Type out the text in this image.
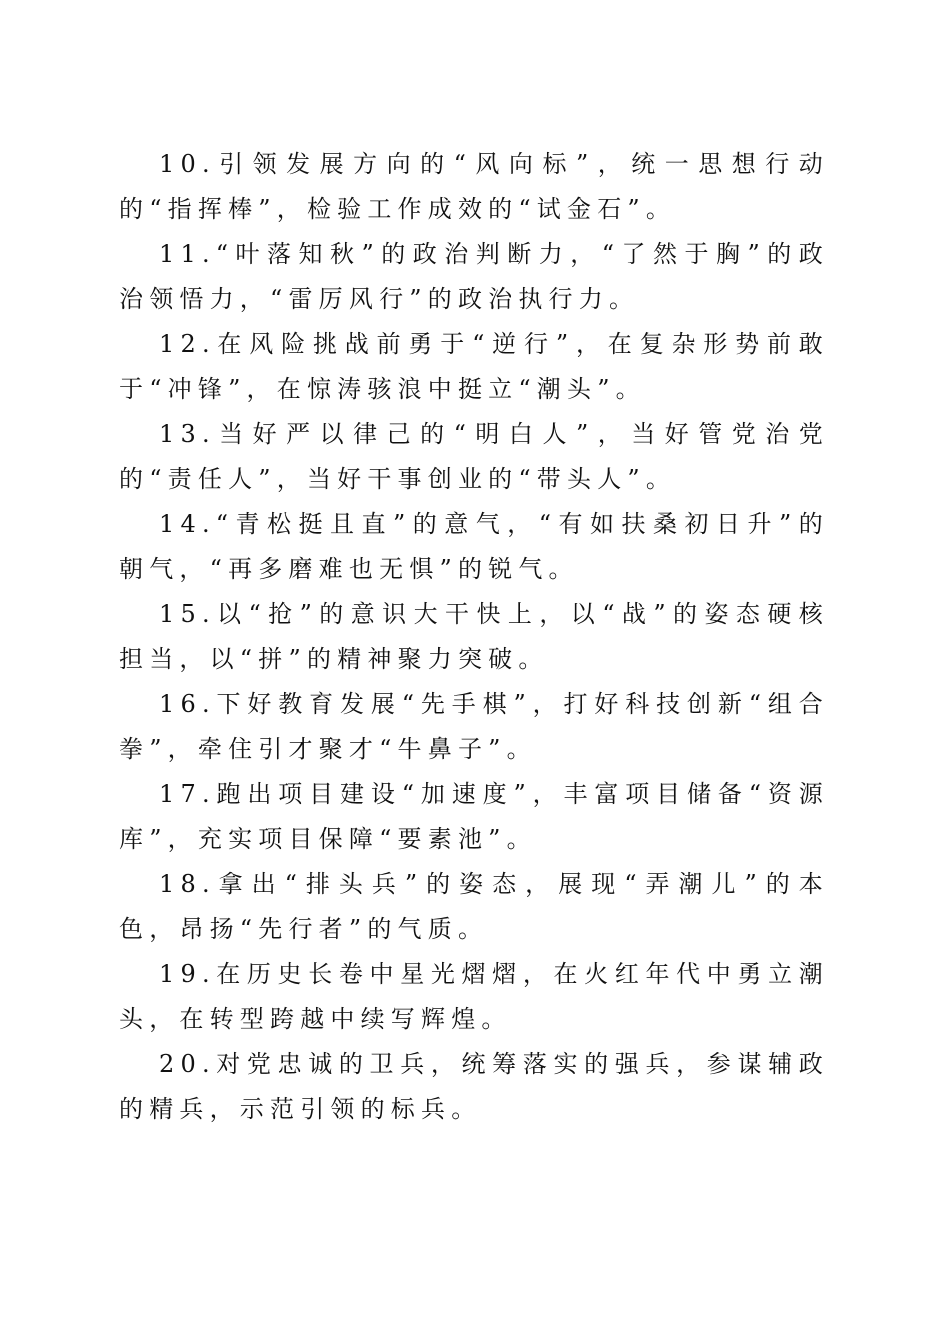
10.引领发展方向的“风向标”，统一思想行动的“指挥棒”，检验工作成效的“试金石”。

11.“叶落知秋”的政治判断力，“了然于胸”的政治领悟力，“雷厉风行”的政治执行力。

12.在风险挑战前勇于“逆行”，在复杂形势前敢于“冲锋”，在惊涛骇浪中挺立“潮头”。

13.当好严以律己的“明白人”，当好管党治党的“责任人”，当好干事创业的“带头人”。

14.“青松挺且直”的意气，“有如扶桑初日升”的朝气，“再多磨难也无惧”的锐气。

15.以“抢”的意识大干快上，以“战”的姿态硬核担当，以“拼”的精神聚力突破。

16.下好教育发展“先手棋”，打好科技创新“组合拳”，牵住引才聚才“牛鼻子”。

17.跑出项目建设“加速度”，丰富项目储备“资源库”，充实项目保障“要素池”。

18.拿出“排头兵”的姿态，展现“弄潮儿”的本色，昂扬“先行者”的气质。

19.在历史长卷中星光熠熠，在火红年代中勇立潮头，在转型跨越中续写辉煌。

20.对党忠诚的卫兵，统筹落实的强兵，参谋辅政的精兵，示范引领的标兵。
